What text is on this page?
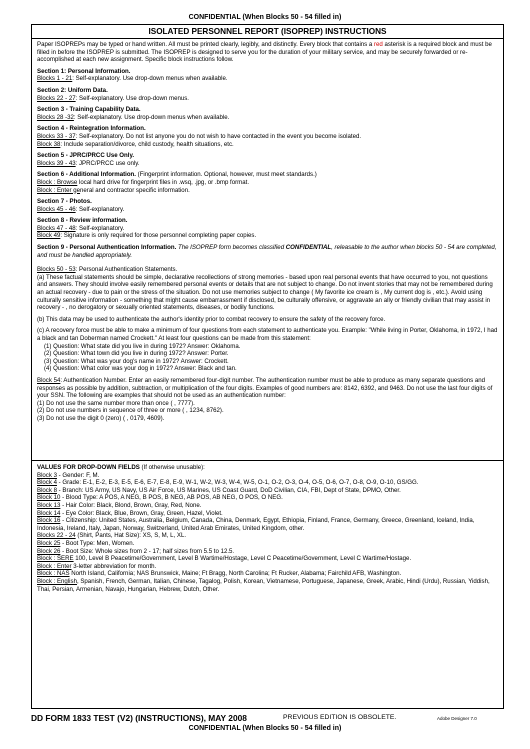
CONFIDENTIAL (When Blocks 50 - 54 filled in)
ISOLATED PERSONNEL REPORT (ISOPREP) INSTRUCTIONS

Paper ISOPREPs may be typed or hand written. All must be printed clearly, legibly, and distinctly. Every block that contains a red asterisk is a required block and must be filled in before the ISOPREP is submitted. The ISOPREP is designed to serve you for the duration of your military service, and may be securely forwarded or re-accomplished at each new assignment. Specific block instructions follow.

Section 1: Personal Information.

Blocks 1 - 21: Self-explanatory. Use drop-down menus when available.

Section 2: Uniform Data.

Blocks 22 - 27: Self-explanatory. Use drop-down menus.

Section 3 - Training Capability Data.

Blocks 28 -32: Self-explanatory. Use drop-down menus when available.

Section 4 - Reintegration Information.

Blocks 33 - 37: Self-explanatory. Do not list anyone you do not wish to have contacted in the event you become isolated.

Block 38: Include separation/divorce, child custody, health situations, etc.

Section 5 - JPRC/PRCC Use Only.

Blocks 39 - 43: JPRC/PRCC use only.

Section 6 - Additional Information. (Fingerprint information. Optional, however, must meet standards.)

Block : Browse local hard drive for fingerprint files in .wsq, .jpg, or .bmp format.

Block : Enter general and contractor specific information.

Section 7 - Photos.

Blocks 45 - 46: Self-explanatory.

Section 8 - Review information.

Blocks 47 - 48: Self-explanatory.

Block 49: Signature is only required for those personnel completing paper copies.

Section 9 - Personal Authentication Information. The ISOPREP form becomes classified CONFIDENTIAL, releasable to the author when blocks 50 - 54 are completed, and must be handled appropriately.

Blocks 50 - 53: Personal Authentication Statements.

(a) These factual statements should be simple, declarative recollections of strong memories - based upon real personal events that have occurred to you, not questions and answers. They should involve easily remembered personal events or details that are not subject to change. Do not invent stories that may not be remembered during an actual recovery - due to pain or the stress of the situation. Do not use memories subject to change ( My favorite ice cream is , My current dog is , etc.). Avoid using culturally sensitive information - something that might cause embarrassment if disclosed, be culturally offensive, or aggravate an ally or friendly civilian that may assist in recovery - , no derogatory or sexually oriented statements, diseases, or bodily functions.

(b) This data may be used to authenticate the author's identity prior to combat recovery to ensure the safety of the recovery force.

(c) A recovery force must be able to make a minimum of four questions from each statement to authenticate you. Example: "While living in Porter, Oklahoma, in 1972, I had a black and tan Doberman named Crockett." At least four questions can be made from this statement:

(1) Question: What state did you live in during 1972? Answer: Oklahoma.

(2) Question: What town did you live in during 1972? Answer: Porter.

(3) Question: What was your dog's name in 1972? Answer: Crockett.

(4) Question: What color was your dog in 1972? Answer: Black and tan.

Block 54: Authentication Number. Enter an easily remembered four-digit number. The authentication number must be able to produce as many separate questions and responses as possible by addition, subtraction, or multiplication of the four digits. Examples of good numbers are: 8142, 6392, and 9463. Do not use the last four digits of your SSN. The following are examples that should not be used as an authentication number:

(1) Do not use the same number more than once ( , 7777).

(2) Do not use numbers in sequence of three or more ( , 1234, 8762).

(3) Do not use the digit 0 (zero) ( , 0179, 4609).

VALUES FOR DROP-DOWN FIELDS (If otherwise unusable):

Block 3 - Gender: F, M.

Block 4 - Grade: E-1, E-2, E-3, E-5, E-6, E-7, E-8, E-9, W-1, W-2, W-3, W-4, W-5, O-1, O-2, O-3, O-4, O-5, O-6, O-7, O-8, O-9, O-10, GS/GG.

Block 8 - Branch: US Army, US Navy, US Air Force, US Marines, US Coast Guard, DoD Civilian, CIA, FBI, Dept of State, DPMO, Other.

Block 10 - Blood Type: A POS, A NEG, B POS, B NEG, AB POS, AB NEG, O POS, O NEG.

Block 13 - Hair Color: Black, Blond, Brown, Gray, Red, None.

Block 14 - Eye Color: Black, Blue, Brown, Gray, Green, Hazel, Violet.

Block 16 - Citizenship: United States, Australia, Belgium, Canada, China, Denmark, Egypt, Ethiopia, Finland, France, Germany, Greece, Greenland, Iceland, India, Indonesia, Ireland, Italy, Japan, Norway, Switzerland, United Arab Emirates, United Kingdom, other.

Blocks 22 - 24 (Shirt, Pants, Hat Size): XS, S, M, L, XL.

Block 25 - Boot Type: Men, Women.

Block 26 - Boot Size: Whole sizes from 2 - 17; half sizes from 5.5 to 12.5.

Block : SERE 100, Level B Peacetime/Government, Level B Wartime/Hostage, Level C Peacetime/Government, Level C Wartime/Hostage.

Block : Enter 3-letter abbreviation for month.

Block : NAS North Island, California; NAS Brunswick, Maine; Ft Bragg, North Carolina; Ft Rucker, Alabama; Fairchild AFB, Washington.

Block : English, Spanish, French, German, Italian, Chinese, Tagalog, Polish, Korean, Vietnamese, Portuguese, Japanese, Greek, Arabic, Hindi (Urdu), Russian, Yiddish, Thai, Persian, Armenian, Navajo, Hungarian, Hebrew, Dutch, Other.

DD FORM 1833 TEST (V2) (INSTRUCTIONS), MAY 2008	PREVIOUS EDITION IS OBSOLETE.	Adobe Designer 7.0
CONFIDENTIAL (When Blocks 50 - 54 filled in)
